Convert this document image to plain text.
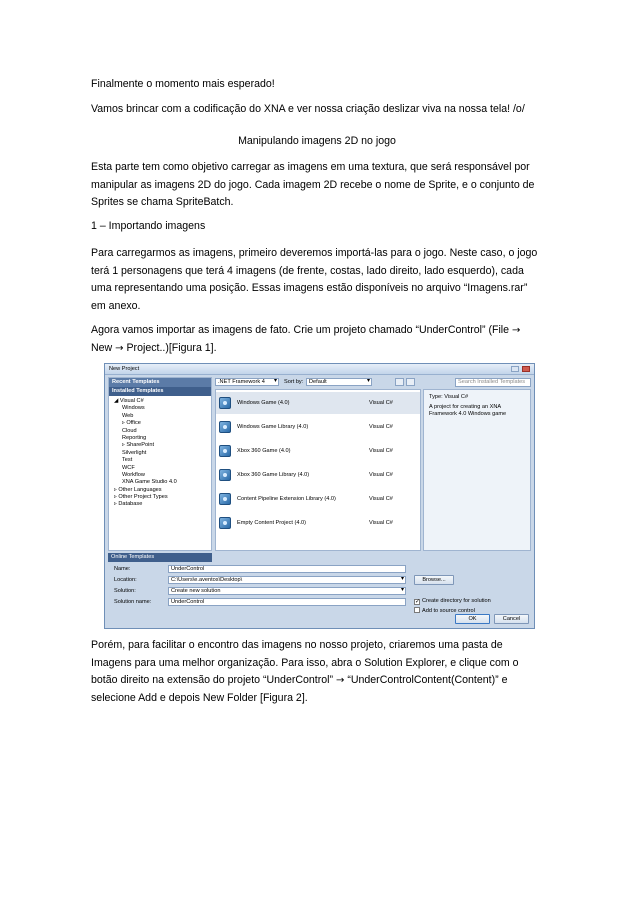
Finalmente o momento mais esperado!

Vamos brincar com a codificação do XNA e ver nossa criação deslizar viva na nossa tela! /o/

Manipulando imagens 2D no jogo

Esta parte tem como objetivo carregar as imagens em uma textura, que será responsável por manipular as imagens 2D do jogo. Cada imagem 2D recebe o nome de Sprite, e o conjunto de Sprites se chama SpriteBatch.

1 – Importando imagens

Para carregarmos as imagens, primeiro deveremos importá-las para o jogo. Neste caso, o jogo terá 1 personagens que terá 4 imagens (de frente, costas, lado direito, lado esquerdo), cada uma representando uma posição. Essas imagens estão disponíveis no arquivo “Imagens.rar” em anexo.

Agora vamos importar as imagens de fato. Crie um projeto chamado “UnderControl” (File →
New → Project..)[Figura 1].

Porém, para facilitar o encontro das imagens no nosso projeto, criaremos uma pasta de Imagens para uma melhor organização. Para isso, abra o Solution Explorer, e clique com o botão direito na extensão do projeto “UnderControl” → “UnderControlContent(Content)” e selecione Add e depois New Folder [Figura 2].

New Project
Recent Templates
Installed Templates
◢ Visual C#
Windows
Web
▹ Office
Cloud
Reporting
▹ SharePoint
Silverlight
Test
WCF
Workflow
XNA Game Studio 4.0
▹ Other Languages
▹ Other Project Types
▹ Database
.NET Framework 4 ▾	Sort by:	Default ▾	Search Installed Templates
Windows Game (4.0)	Visual C#
Windows Game Library (4.0)	Visual C#
Xbox 360 Game (4.0)	Visual C#
Xbox 360 Game Library (4.0)	Visual C#
Content Pipeline Extension Library (4.0)	Visual C#
Empty Content Project (4.0)	Visual C#
Type: Visual C#
A project for creating an XNA Framework 4.0 Windows game
Online Templates
Name:	UnderControl
Location:	C:\Users\e.aventos\Desktop\ ▾	Browse...
Solution:	Create new solution ▾
Solution name:	UnderControl	✓ Create directory for solution
Add to source control
OK	Cancel
